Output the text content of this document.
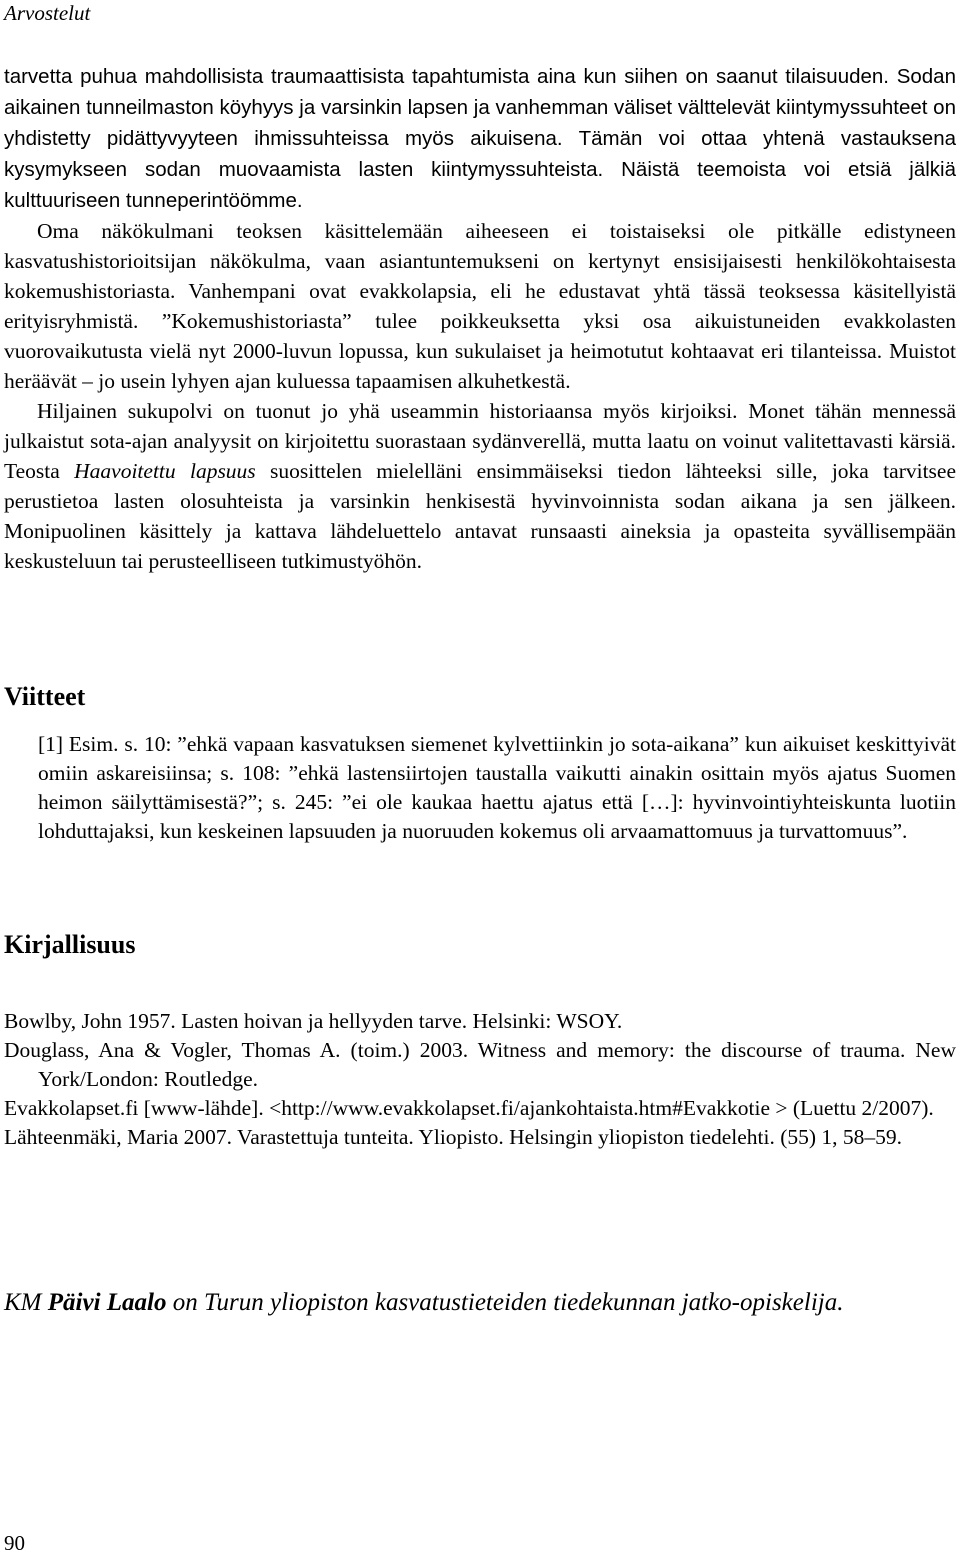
Arvostelut

tarvetta puhua mahdollisista traumaattisista tapahtumista aina kun siihen on saanut tilaisuuden. Sodan aikainen tunneilmaston köyhyys ja varsinkin lapsen ja vanhemman väliset välttelevät kiintymyssuhteet on yhdistetty pidättyvyyteen ihmissuhteissa myös aikuisena. Tämän voi ottaa yhtenä vastauksena kysymykseen sodan muovaamista lasten kiintymyssuhteista. Näistä teemoista voi etsiä jälkiä kulttuuriseen tunneperintöömme.

Oma näkökulmani teoksen käsittelemään aiheeseen ei toistaiseksi ole pitkälle edistyneen kasvatushistorioitsijan näkökulma, vaan asiantuntemukseni on kertynyt ensisijaisesti henkilökohtaisesta kokemushistoriasta. Vanhempani ovat evakkolapsia, eli he edustavat yhtä tässä teoksessa käsitellyistä erityisryhmistä. ”Kokemushistoriasta” tulee poikkeuksetta yksi osa aikuistuneiden evakkolasten vuorovaikutusta vielä nyt 2000-luvun lopussa, kun sukulaiset ja heimotutut kohtaavat eri tilanteissa. Muistot heräävät – jo usein lyhyen ajan kuluessa tapaamisen alkuhetkestä.

Hiljainen sukupolvi on tuonut jo yhä useammin historiaansa myös kirjoiksi. Monet tähän mennessä julkaistut sota-ajan analyysit on kirjoitettu suorastaan sydänverellä, mutta laatu on voinut valitettavasti kärsiä. Teosta Haavoitettu lapsuus suosittelen mielelläni ensimmäiseksi tiedon lähteeksi sille, joka tarvitsee perustietoa lasten olosuhteista ja varsinkin henkisestä hyvinvoinnista sodan aikana ja sen jälkeen. Monipuolinen käsittely ja kattava lähdeluettelo antavat runsaasti aineksia ja opasteita syvällisempään keskusteluun tai perusteelliseen tutkimustyöhön.

Viitteet

[1] Esim. s. 10: ”ehkä vapaan kasvatuksen siemenet kylvettiinkin jo sota-aikana” kun aikuiset keskittyivät omiin askareisiinsa; s. 108: ”ehkä lastensiirtojen taustalla vaikutti ainakin osittain myös ajatus Suomen heimon säilyttämisestä?”; s. 245: ”ei ole kaukaa haettu ajatus että […]: hyvinvointiyhteiskunta luotiin lohduttajaksi, kun keskeinen lapsuuden ja nuoruuden kokemus oli arvaamattomuus ja turvattomuus”.

Kirjallisuus

Bowlby, John 1957. Lasten hoivan ja hellyyden tarve. Helsinki: WSOY.

Douglass, Ana & Vogler, Thomas A. (toim.) 2003. Witness and memory: the discourse of trauma. New York/London: Routledge.

Evakkolapset.fi [www-lähde]. <http://www.evakkolapset.fi/ajankohtaista.htm#Evakkotie > (Luettu 2/2007).

Lähteenmäki, Maria 2007. Varastettuja tunteita. Yliopisto. Helsingin yliopiston tiedelehti. (55) 1, 58–59.

KM Päivi Laalo on Turun yliopiston kasvatustieteiden tiedekunnan jatko-opiskelija.

90
